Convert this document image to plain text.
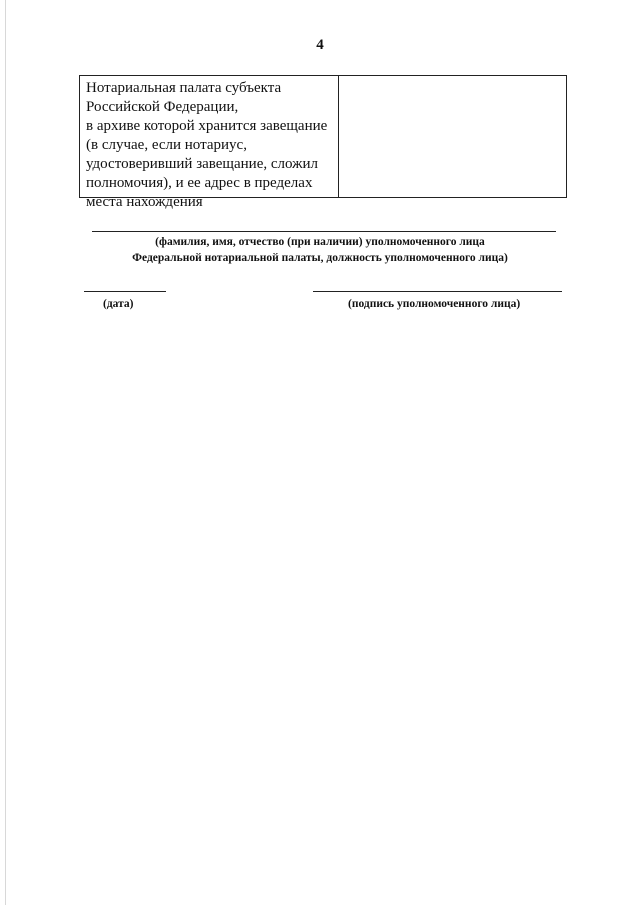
4
Нотариальная палата субъекта
Российской Федерации,
в архиве которой хранится завещание
(в случае, если нотариус,
удостоверивший завещание, сложил
полномочия), и ее адрес в пределах
места нахождения
(фамилия, имя, отчество (при наличии) уполномоченного лица
Федеральной нотариальной палаты, должность уполномоченного лица)
(дата)	(подпись уполномоченного лица)
